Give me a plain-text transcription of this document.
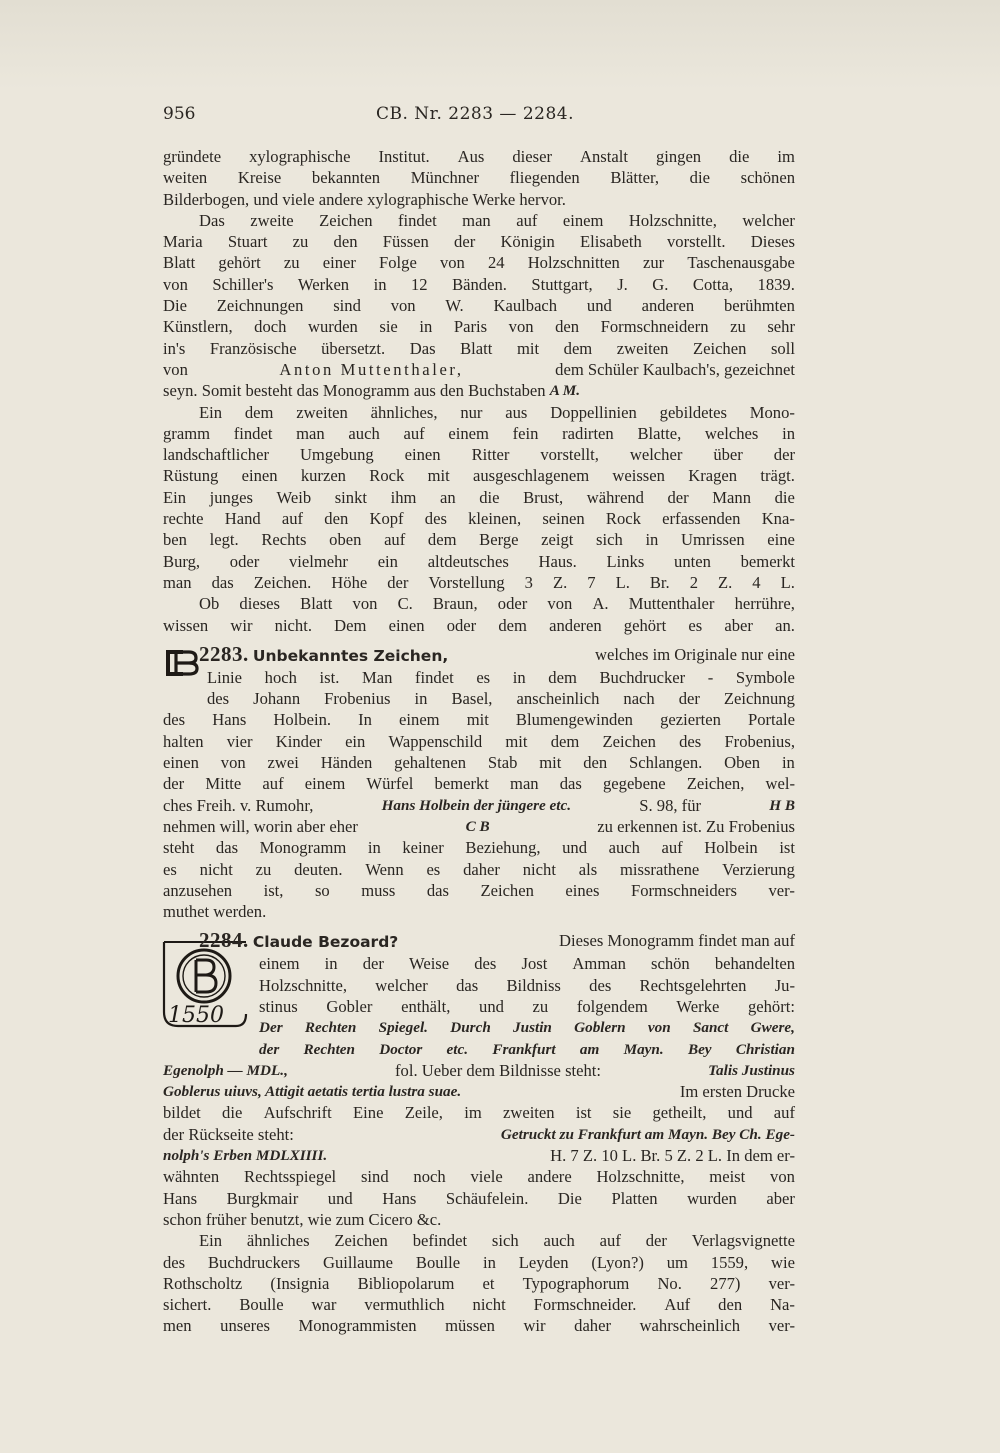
956	CB. Nr. 2283 — 2284.
1550
gründete xylographische Institut. Aus dieser Anstalt gingen die im
weiten Kreise bekannten Münchner fliegenden Blätter, die schönen
Bilderbogen, und viele andere xylographische Werke hervor.
Das zweite Zeichen findet man auf einem Holzschnitte, welcher
Maria Stuart zu den Füssen der Königin Elisabeth vorstellt. Dieses
Blatt gehört zu einer Folge von 24 Holzschnitten zur Taschenausgabe
von Schiller's Werken in 12 Bänden. Stuttgart, J. G. Cotta, 1839.
Die Zeichnungen sind von W. Kaulbach und anderen berühmten
Künstlern, doch wurden sie in Paris von den Formschneidern zu sehr
in's Französische übersetzt. Das Blatt mit dem zweiten Zeichen soll
von	Anton Muttenthaler,	dem Schüler Kaulbach's, gezeichnet
seyn. Somit besteht das Monogramm aus den Buchstaben
A M.
Ein dem zweiten ähnliches, nur aus Doppellinien gebildetes Mono-
gramm findet man auch auf einem fein radirten Blatte, welches in
landschaftlicher Umgebung einen Ritter vorstellt, welcher über der
Rüstung einen kurzen Rock mit ausgeschlagenem weissen Kragen trägt.
Ein junges Weib sinkt ihm an die Brust, während der Mann die
rechte Hand auf den Kopf des kleinen, seinen Rock erfassenden Kna-
ben legt. Rechts oben auf dem Berge zeigt sich in Umrissen eine
Burg, oder vielmehr ein altdeutsches Haus. Links unten bemerkt
man das Zeichen. Höhe der Vorstellung 3 Z. 7 L. Br. 2 Z. 4 L.
Ob dieses Blatt von C. Braun, oder von A. Muttenthaler herrühre,
wissen wir nicht. Dem einen oder dem anderen gehört es aber an.
2283. Unbekanntes Zeichen,	welches im Originale nur eine
Linie hoch ist. Man findet es in dem Buchdrucker - Symbole
des Johann Frobenius in Basel, anscheinlich nach der Zeichnung
des Hans Holbein. In einem mit Blumengewinden gezierten Portale
halten vier Kinder ein Wappenschild mit dem Zeichen des Frobenius,
einen von zwei Händen gehaltenen Stab mit den Schlangen. Oben in
der Mitte auf einem Würfel bemerkt man das gegebene Zeichen, wel-
ches Freih. v. Rumohr,	Hans Holbein der jüngere etc.	S. 98, für	H B
nehmen will, worin aber eher	C B	zu erkennen ist. Zu Frobenius
steht das Monogramm in keiner Beziehung, und auch auf Holbein ist
es nicht zu deuten. Wenn es daher nicht als missrathene Verzierung
anzusehen ist, so muss das Zeichen eines Formschneiders ver-
muthet werden.
2284. Claude Bezoard?	Dieses Monogramm findet man auf
einem in der Weise des Jost Amman schön behandelten
Holzschnitte, welcher das Bildniss des Rechtsgelehrten Ju-
stinus Gobler enthält, und zu folgendem Werke gehört:
Der Rechten Spiegel. Durch Justin Goblern von Sanct Gwere,
der Rechten Doctor etc. Frankfurt am Mayn. Bey Christian
Egenolph — MDL.,	fol. Ueber dem Bildnisse steht:	Talis Justinus
Goblerus uiuvs, Attigit aetatis tertia lustra suae.	Im ersten Drucke
bildet die Aufschrift Eine Zeile, im zweiten ist sie getheilt, und auf
der Rückseite steht:	Getruckt zu Frankfurt am Mayn. Bey Ch. Ege-
nolph's Erben MDLXIIII.	H. 7 Z. 10 L. Br. 5 Z. 2 L. In dem er-
wähnten Rechtsspiegel sind noch viele andere Holzschnitte, meist von
Hans Burgkmair und Hans Schäufelein. Die Platten wurden aber
schon früher benutzt, wie zum Cicero &c.
Ein ähnliches Zeichen befindet sich auch auf der Verlagsvignette
des Buchdruckers Guillaume Boulle in Leyden (Lyon?) um 1559, wie
Rothscholtz (Insignia Bibliopolarum et Typographorum No. 277) ver-
sichert. Boulle war vermuthlich nicht Formschneider. Auf den Na-
men unseres Monogrammisten müssen wir daher wahrscheinlich ver-
